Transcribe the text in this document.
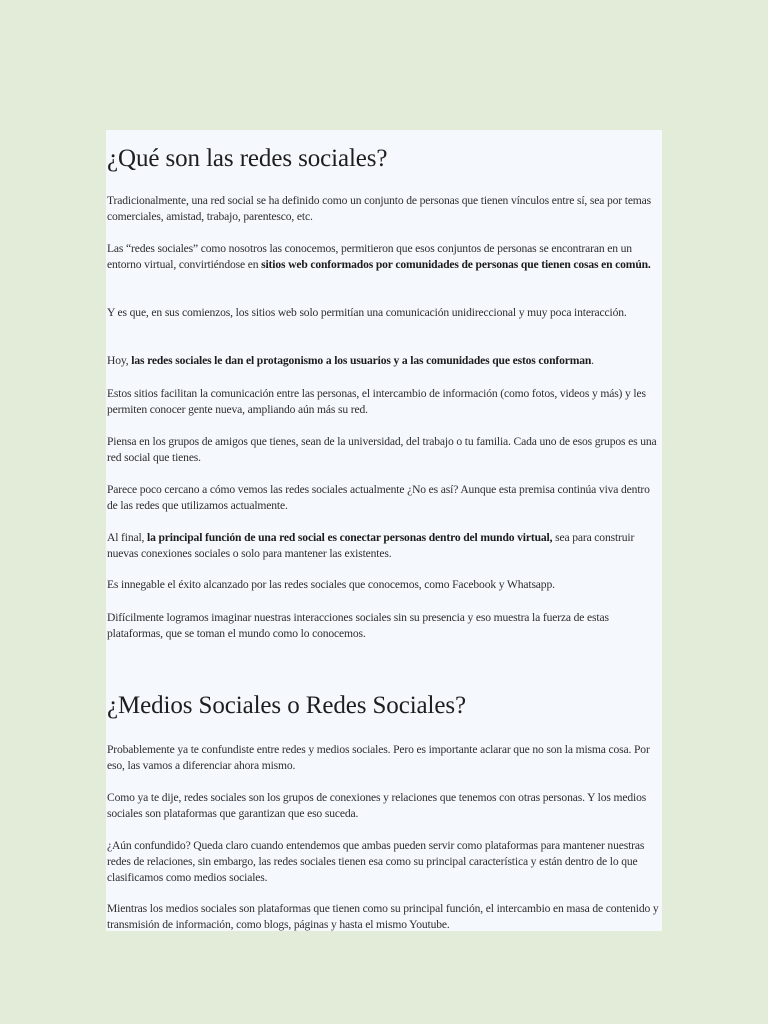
¿Qué son las redes sociales?

Tradicionalmente, una red social se ha definido como un conjunto de personas que tienen vínculos entre sí, sea por temas comerciales, amistad, trabajo, parentesco, etc.

Las “redes sociales” como nosotros las conocemos, permitieron que esos conjuntos de personas se encontraran en un entorno virtual, convirtiéndose en sitios web conformados por comunidades de personas que tienen cosas en común.

Y es que, en sus comienzos, los sitios web solo permitían una comunicación unidireccional y muy poca interacción.

Hoy, las redes sociales le dan el protagonismo a los usuarios y a las comunidades que estos conforman.

Estos sitios facilitan la comunicación entre las personas, el intercambio de información (como fotos, videos y más) y les permiten conocer gente nueva, ampliando aún más su red.

Piensa en los grupos de amigos que tienes, sean de la universidad, del trabajo o tu familia. Cada uno de esos grupos es una red social que tienes.

Parece poco cercano a cómo vemos las redes sociales actualmente ¿No es así? Aunque esta premisa continúa viva dentro de las redes que utilizamos actualmente.

Al final, la principal función de una red social es conectar personas dentro del mundo virtual, sea para construir nuevas conexiones sociales o solo para mantener las existentes.

Es innegable el éxito alcanzado por las redes sociales que conocemos, como Facebook y Whatsapp.

Difícilmente logramos imaginar nuestras interacciones sociales sin su presencia y eso muestra la fuerza de estas plataformas, que se toman el mundo como lo conocemos.

¿Medios Sociales o Redes Sociales?

Probablemente ya te confundiste entre redes y medios sociales. Pero es importante aclarar que no son la misma cosa. Por eso, las vamos a diferenciar ahora mismo.

Como ya te dije, redes sociales son los grupos de conexiones y relaciones que tenemos con otras personas. Y los medios sociales son plataformas que garantizan que eso suceda.

¿Aún confundido? Queda claro cuando entendemos que ambas pueden servir como plataformas para mantener nuestras redes de relaciones, sin embargo, las redes sociales tienen esa como su principal característica y están dentro de lo que clasificamos como medios sociales.

Mientras los medios sociales son plataformas que tienen como su principal función, el intercambio en masa de contenido y transmisión de información, como blogs, páginas y hasta el mismo Youtube.
